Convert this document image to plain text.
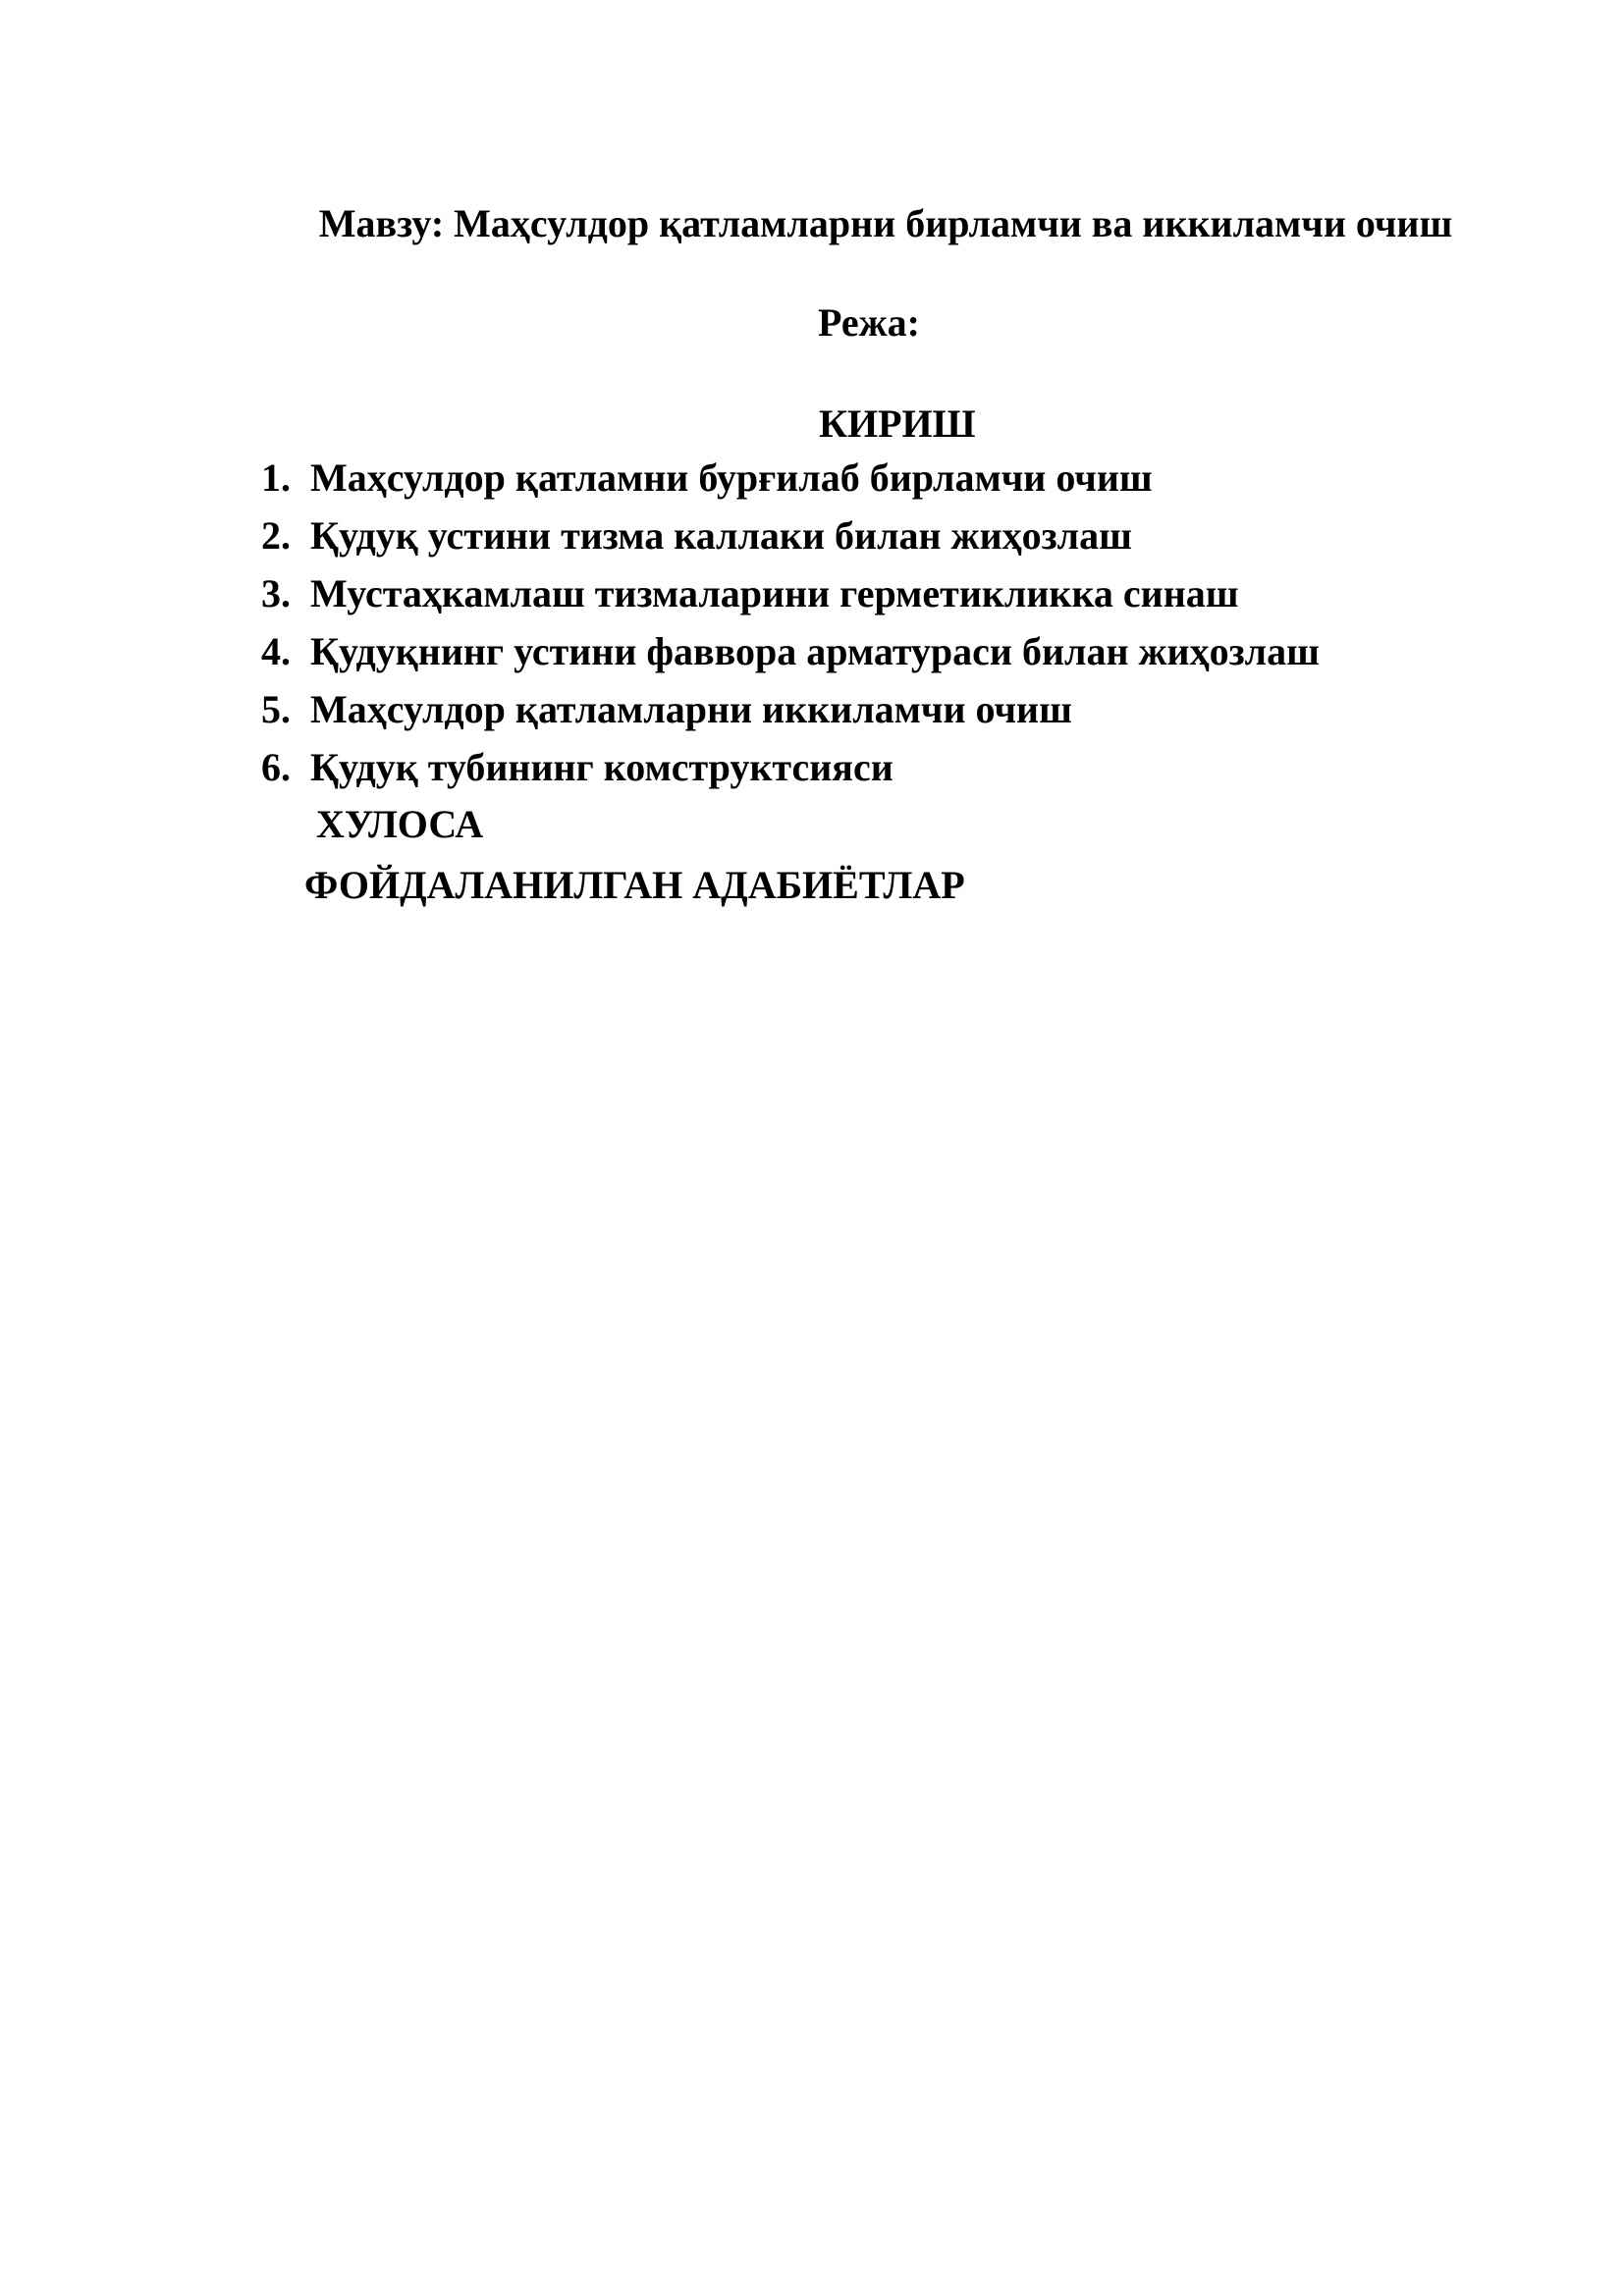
Мавзу: Маҳсулдор қатламларни бирламчи ва иккиламчи очиш
Режа:
КИРИШ
1. Маҳсулдор қатламни бурғилаб бирламчи очиш
2. Қудуқ устини тизма каллаки билан жиҳозлаш
3. Мустаҳкамлаш тизмаларини герметикликка синаш
4. Қудуқнинг устини фаввора арматураси билан жиҳозлаш
5. Маҳсулдор қатламларни иккиламчи очиш
6. Қудуқ тубининг комструктсияси
ХУЛОСА
ФОЙДАЛАНИЛГАН АДАБИЁТЛАР
